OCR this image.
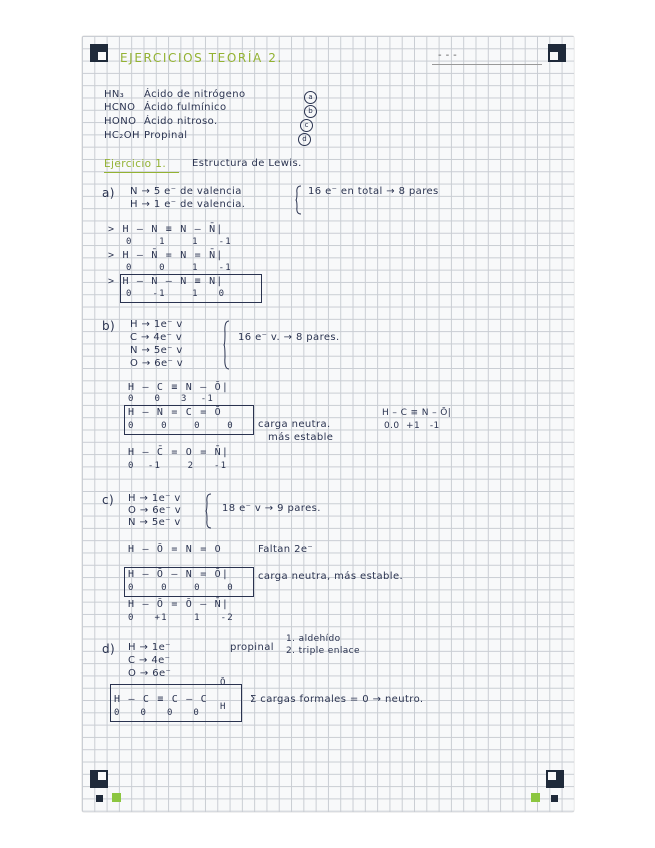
EJERCICIOS TEORÍA 2.	- - -
HN₃ Ácido de nitrógeno	a
HCNO Ácido fulmínico	b
HONO Ácido nitroso.	c
HC₂OH Propinal	d
Ejercicio 1.	Estructura de Lewis.
a) N → 5 e⁻ de valencia
H → 1 e⁻ de valencia.
16 e⁻ en total → 8 pares
> H – N ≡ N – N̄|
0    1    1   -1
> H – N̄ = N = N̄|
0    0    1   -1
> H – N̄ – N ≡ N|
0   -1    1   0
b) H → 1e⁻ v
C → 4e⁻ v
N → 5e⁻ v
O → 6e⁻ v
16 e⁻ v. → 8 pares.
H – C ≡ N – Ō|
0   0   3  -1
H – N̄ = C = Ō
0    0    0    0 carga neutra.
más estable
H – C̄ = O = N̄|
0  -1    2   -1
H – C ≡ N – Ō|
0.0  +1   -1
c) H → 1e⁻ v
O → 6e⁻ v
N → 5e⁻ v
18 e⁻ v → 9 pares.
H – Ō = N = O	Faltan 2e⁻
H – Ō – N = Ō|
0    0    0    0
carga neutra, más estable.
H – Ō = Ō – N̄|
0   +1    1   -2
d) H → 1e⁻
C → 4e⁻
O → 6e⁻
propinal
1. aldehído
2. triple enlace
Ō
H – C ≡ C – C
H
0   0   0   0
Σ cargas formales = 0 → neutro.
